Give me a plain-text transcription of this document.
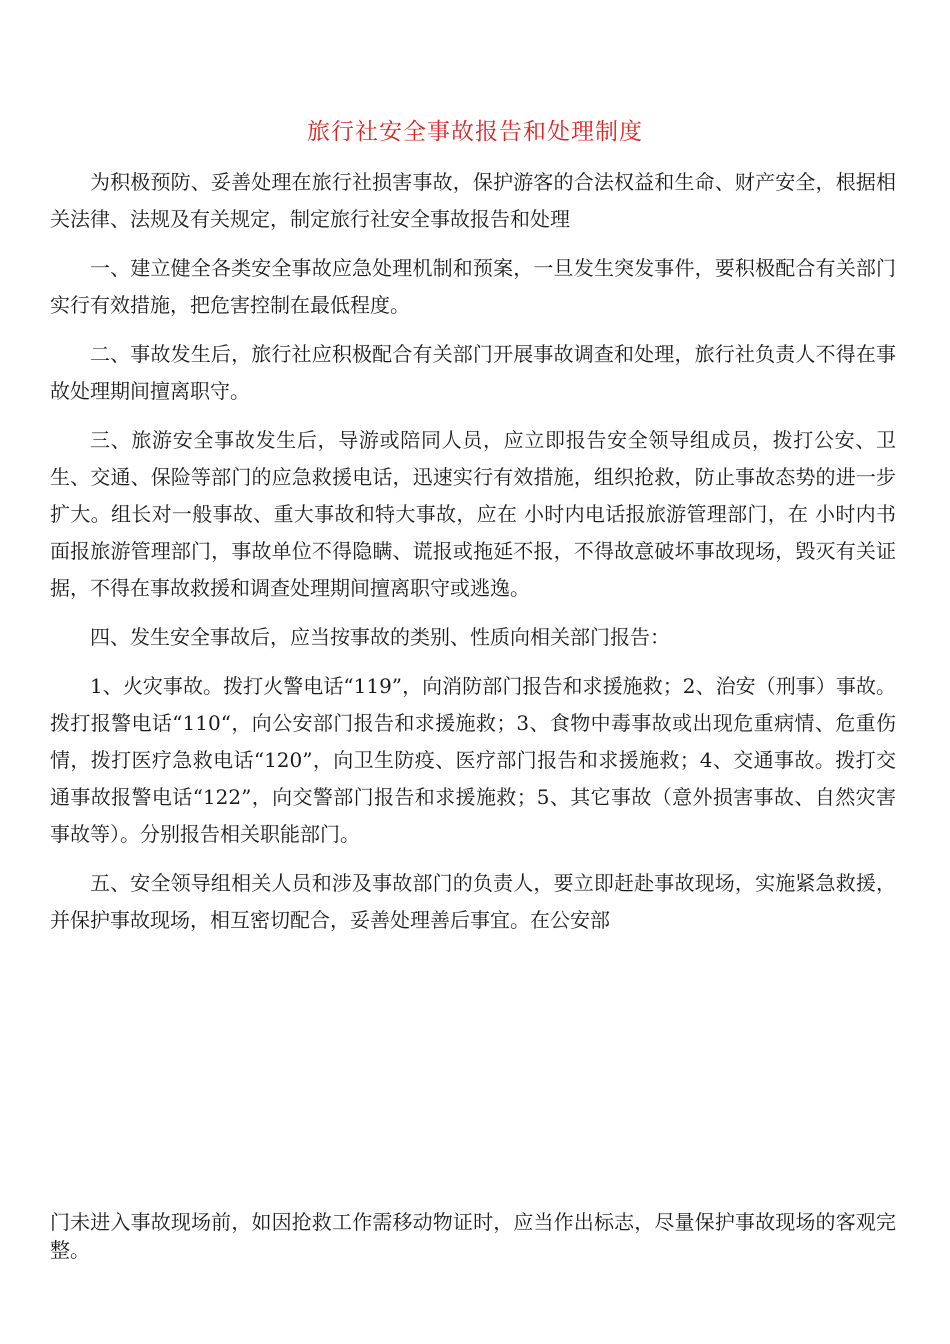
旅行社安全事故报告和处理制度

为积极预防、妥善处理在旅行社损害事故，保护游客的合法权益和生命、财产安全，根据相关法律、法规及有关规定，制定旅行社安全事故报告和处理

一、建立健全各类安全事故应急处理机制和预案，一旦发生突发事件，要积极配合有关部门实行有效措施，把危害控制在最低程度。

二、事故发生后，旅行社应积极配合有关部门开展事故调查和处理，旅行社负责人不得在事故处理期间擅离职守。

三、旅游安全事故发生后，导游或陪同人员，应立即报告安全领导组成员，拨打公安、卫生、交通、保险等部门的应急救援电话，迅速实行有效措施，组织抢救，防止事故态势的进一步扩大。组长对一般事故、重大事故和特大事故，应在 小时内电话报旅游管理部门，在 小时内书面报旅游管理部门，事故单位不得隐瞒、谎报或拖延不报，不得故意破坏事故现场，毁灭有关证据，不得在事故救援和调查处理期间擅离职守或逃逸。

四、发生安全事故后，应当按事故的类别、性质向相关部门报告：

1、火灾事故。拨打火警电话“119”，向消防部门报告和求援施救；2、治安（刑事）事故。拨打报警电话“110“，向公安部门报告和求援施救；3、食物中毒事故或出现危重病情、危重伤情，拨打医疗急救电话“120”，向卫生防疫、医疗部门报告和求援施救；4、交通事故。拨打交通事故报警电话“122”，向交警部门报告和求援施救；5、其它事故（意外损害事故、自然灾害事故等）。分别报告相关职能部门。

五、安全领导组相关人员和涉及事故部门的负责人，要立即赶赴事故现场，实施紧急救援，并保护事故现场，相互密切配合，妥善处理善后事宜。在公安部

门未进入事故现场前，如因抢救工作需移动物证时，应当作出标志，尽量保护事故现场的客观完整。
